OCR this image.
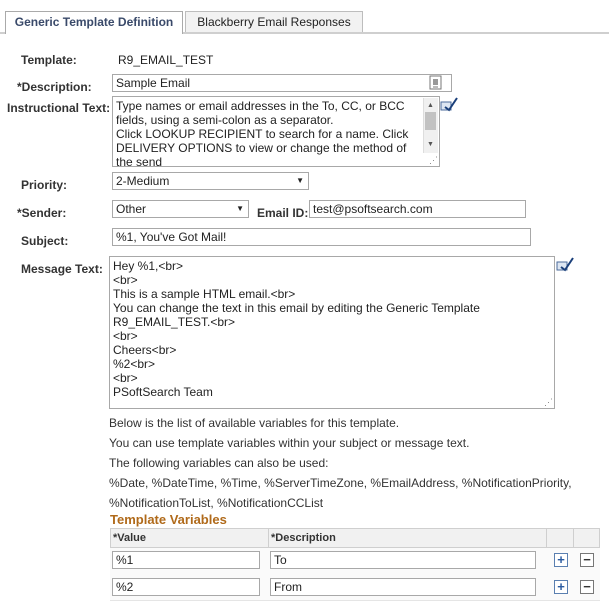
Generic Template Definition	Blackberry Email Responses
Template:	R9_EMAIL_TEST
*Description:	Sample Email
Instructional Text: Type names or email addresses in the To, CC, or BCC
fields, using a semi-colon as a separator.
Click LOOKUP RECIPIENT to search for a name. Click
DELIVERY OPTIONS to view or change the method of
the send
▲
▼
⋰
Priority:	2-Medium	▼
*Sender:	Other	▼ Email ID: test@psoftsearch.com
Subject:	%1, You've Got Mail!
Message Text: Hey %1,<br>
<br>
This is a sample HTML email.<br>
You can change the text in this email by editing the Generic Template
R9_EMAIL_TEST.<br>
<br>
Cheers<br>
%2<br>
<br>
PSoftSearch Team
⋰
Below is the list of available variables for this template.
You can use template variables within your subject or message text.
The following variables can also be used:
%Date, %DateTime, %Time, %ServerTimeZone, %EmailAddress, %NotificationPriority,
%NotificationToList, %NotificationCCList
Template Variables
*Value	*Description
%1	To	+ −
%2	From	+ −
